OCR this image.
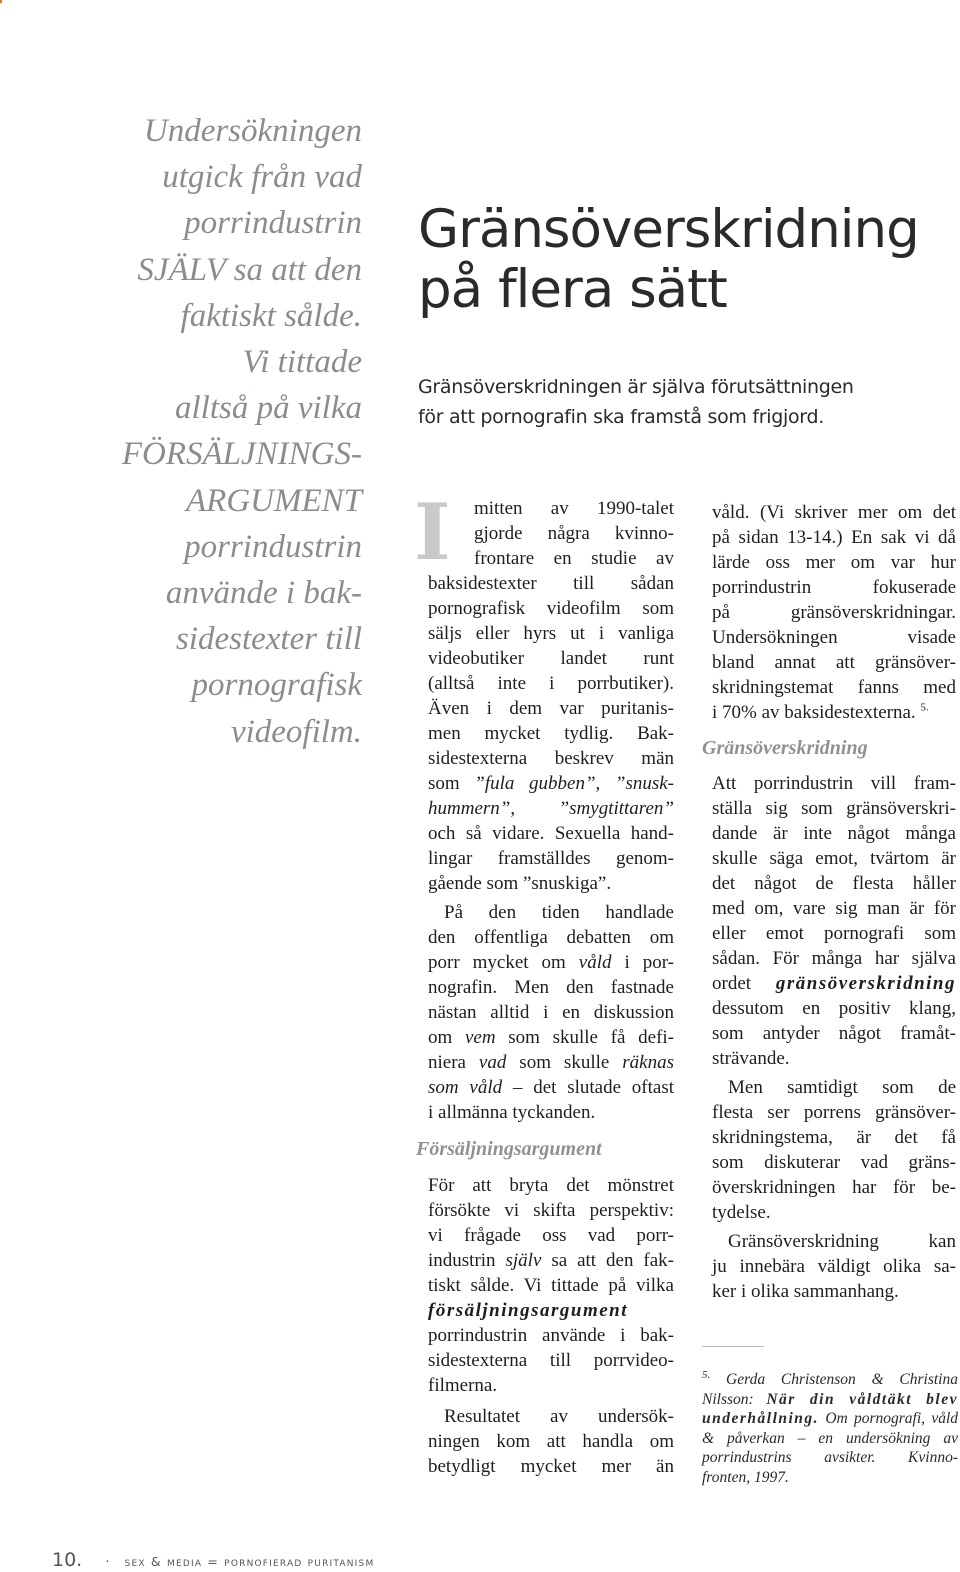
Undersökningen
utgick från vad
porrindustrin
SJÄLV sa att den
faktiskt sålde.
Vi tittade
alltså på vilka
FÖRSÄLJNINGS-
ARGUMENT
porrindustrin
använde i bak-
sidestexter till
pornografisk
videofilm.
Gränsöverskridning
på flera sätt
Gränsöverskridningen är själva förutsättningen
för att pornografin ska framstå som frigjord.
I	mitten av 1990-talet
gjorde några kvinno-
frontare en studie av
baksidestexter till sådan
pornografisk videofilm som
säljs eller hyrs ut i vanliga
videobutiker landet runt
(alltså inte i porrbutiker).
Även i dem var puritanis-
men mycket tydlig. Bak-
sidestexterna beskrev män
som ”fula gubben”, ”snusk-
hummern”, ”smygtittaren”
och så vidare. Sexuella hand-
lingar framställdes genom-
gående som ”snuskiga”.
På den tiden handlade
den offentliga debatten om
porr mycket om våld i por-
nografin. Men den fastnade
nästan alltid i en diskussion
om vem som skulle få defi-
niera vad som skulle räknas
som våld – det slutade oftast
i allmänna tyckanden.
Försäljningsargument
För att bryta det mönstret
försökte vi skifta perspektiv:
vi frågade oss vad porr-
industrin själv sa att den fak-
tiskt sålde. Vi tittade på vilka
försäljningsargument
porrindustrin använde i bak-
sidestexterna till porrvideo-
filmerna.
Resultatet av undersök-
ningen kom att handla om
betydligt mycket mer än
våld. (Vi skriver mer om det
på sidan 13-14.) En sak vi då
lärde oss mer om var hur
porrindustrin fokuserade
på gränsöverskridningar.
Undersökningen visade
bland annat att gränsöver-
skridningstemat fanns med
i 70% av baksidestexterna. $^{5.}$
Gränsöverskridning
Att porrindustrin vill fram-
ställa sig som gränsöverskri-
dande är inte något många
skulle säga emot, tvärtom är
det något de flesta håller
med om, vare sig man är för
eller emot pornografi som
sådan. För många har själva
ordet gränsöverskridning
dessutom en positiv klang,
som antyder något framåt-
strävande.
Men samtidigt som de
flesta ser porrens gränsöver-
skridningstema, är det få
som diskuterar vad gräns-
överskridningen har för be-
tydelse.
Gränsöverskridning kan
ju innebära väldigt olika sa-
ker i olika sammanhang.
$^{5.}$ Gerda Christenson & Christina
Nilsson: När din våldtäkt blev
underhållning. Om pornografi, våld
& påverkan – en undersökning av
porrindustrins avsikter. Kvinno-
fronten, 1997.
10. · sex & media = pornofierad puritanism
